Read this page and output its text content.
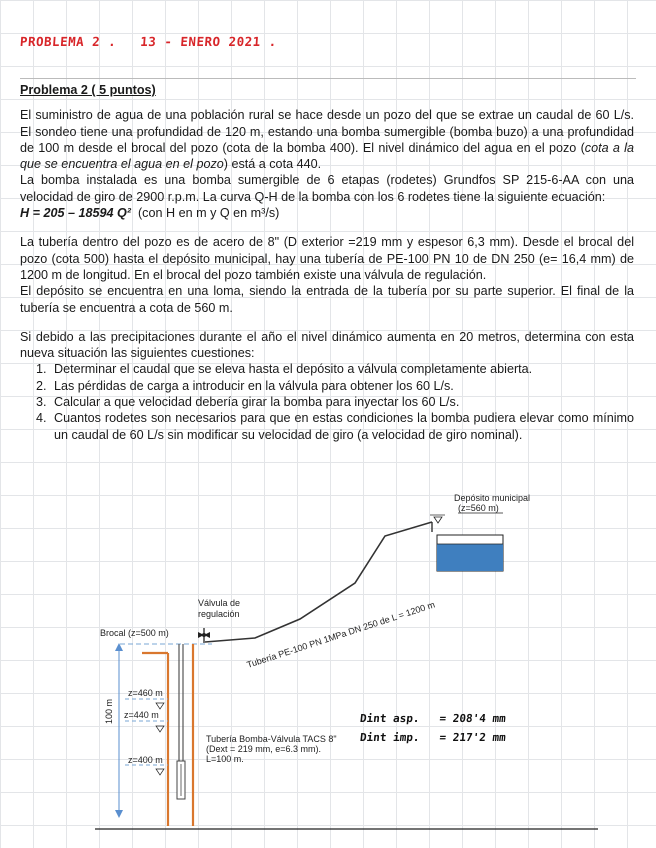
PROBLEMA 2 . 13 - ENERO 2021 .

Problema 2 ( 5 puntos)

El suministro de agua de una población rural se hace desde un pozo del que se extrae un caudal de 60 L/s. El sondeo tiene una profundidad de 120 m, estando una bomba sumergible (bomba buzo) a una profundidad de 100 m desde el brocal del pozo (cota de la bomba 400). El nivel dinámico del agua en el pozo (cota a la que se encuentra el agua en el pozo) está a cota 440.

La bomba instalada es una bomba sumergible de 6 etapas (rodetes) Grundfos SP 215-6-AA con una velocidad de giro de 2900 r.p.m. La curva Q-H de la bomba con los 6 rodetes tiene la siguiente ecuación:

H = 205 – 18594 Q² (con H en m y Q en m³/s)

La tubería dentro del pozo es de acero de 8" (D exterior =219 mm y espesor 6,3 mm). Desde el brocal del pozo (cota 500) hasta el depósito municipal, hay una tubería de PE-100 PN 10 de DN 250 (e= 16,4 mm) de 1200 m de longitud. En el brocal del pozo también existe una válvula de regulación.

El depósito se encuentra en una loma, siendo la entrada de la tubería por su parte superior. El final de la tubería se encuentra a cota de 560 m.

Si debido a las precipitaciones durante el año el nivel dinámico aumenta en 20 metros, determina con esta nueva situación las siguientes cuestiones:

1. Determinar el caudal que se eleva hasta el depósito a válvula completamente abierta.
2. Las pérdidas de carga a introducir en la válvula para obtener los 60 L/s.
3. Calcular a que velocidad debería girar la bomba para inyectar los 60 L/s.
4. Cuantos rodetes son necesarios para que en estas condiciones la bomba pudiera elevar como mínimo un caudal de 60 L/s sin modificar su velocidad de giro (a velocidad de giro nominal).
Depósito municipal
(z=560 m)
Válvula de
regulación
Brocal (z=500 m)	Tubería PE-100 PN 1MPa DN 250 de L = 1200 m
100 m
z=460 m
z=440 m
z=400 m
Tubería Bomba-Válvula TACS 8"
(Dext = 219 mm, e=6.3 mm).
L=100 m.
Dint asp. = 208'4 mm
Dint imp. = 217'2 mm
